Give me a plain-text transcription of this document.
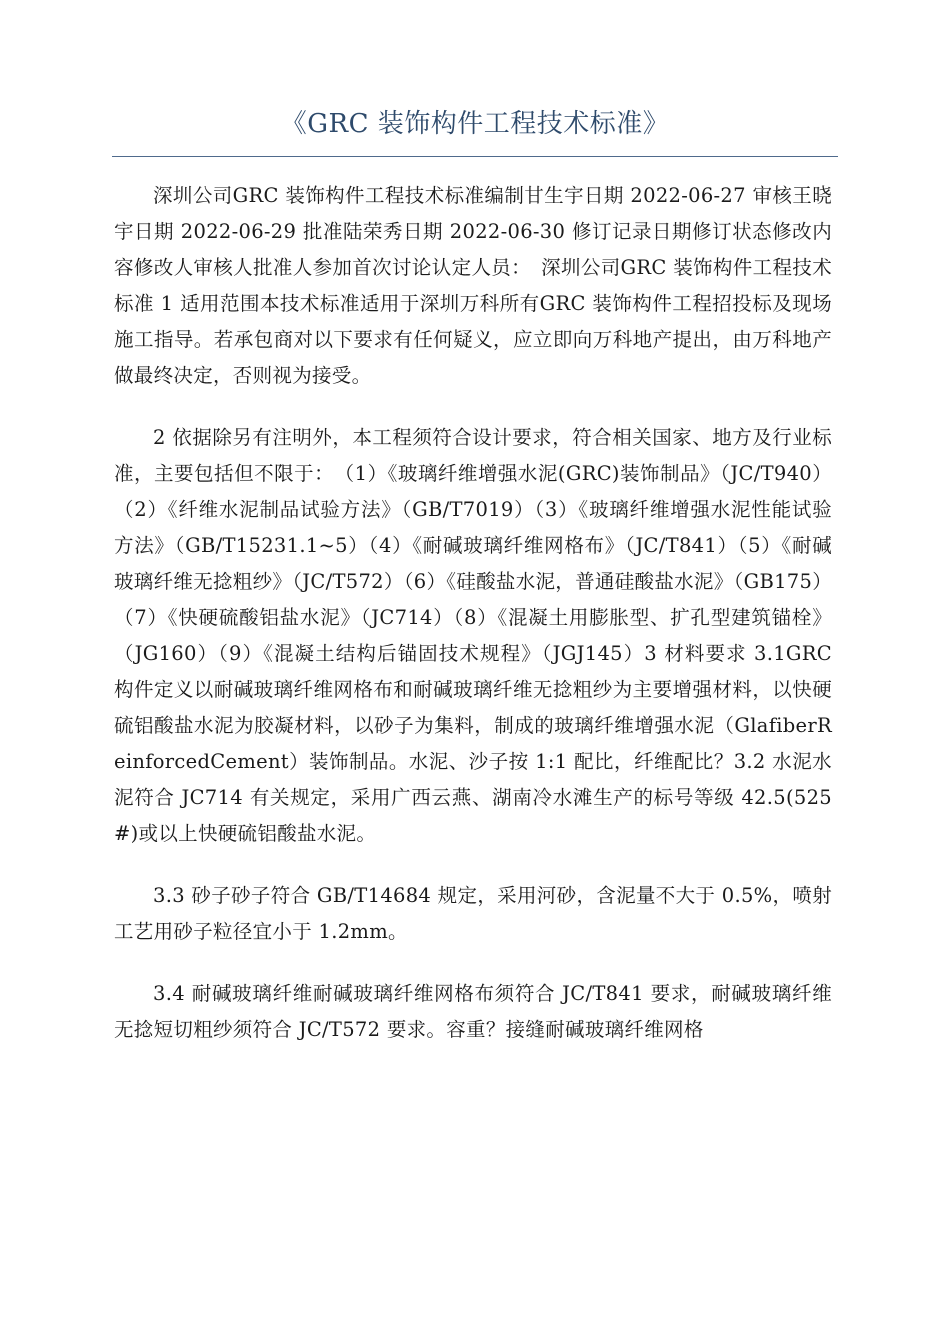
《GRC 装饰构件工程技术标准》

深圳公司GRC 装饰构件工程技术标准编制甘生宇日期 2022-06-27 审核王晓宇日期 2022-06-29 批准陆荣秀日期 2022-06-30 修订记录日期修订状态修改内容修改人审核人批准人参加首次讨论认定人员：　深圳公司GRC 装饰构件工程技术标准 1 适用范围本技术标准适用于深圳万科所有GRC 装饰构件工程招投标及现场施工指导。若承包商对以下要求有任何疑义，应立即向万科地产提出，由万科地产做最终决定，否则视为接受。

2 依据除另有注明外，本工程须符合设计要求，符合相关国家、地方及行业标准，主要包括但不限于：　（1）《玻璃纤维增强水泥(GRC)装饰制品》（JC/T940）（2）《纤维水泥制品试验方法》（GB/T7019）（3）《玻璃纤维增强水泥性能试验方法》（GB/T15231.1~5）（4）《耐碱玻璃纤维网格布》（JC/T841）（5）《耐碱玻璃纤维无捻粗纱》（JC/T572）（6）《硅酸盐水泥，普通硅酸盐水泥》（GB175）（7）《快硬硫酸铝盐水泥》（JC714）（8）《混凝土用膨胀型、扩孔型建筑锚栓》（JG160）（9）《混凝土结构后锚固技术规程》（JGJ145）3 材料要求 3.1GRC 构件定义以耐碱玻璃纤维网格布和耐碱玻璃纤维无捻粗纱为主要增强材料，以快硬硫铝酸盐水泥为胶凝材料，以砂子为集料，制成的玻璃纤维增强水泥（GlafiberReinforcedCement）装饰制品。水泥、沙子按 1:1 配比，纤维配比？3.2 水泥水泥符合 JC714 有关规定，采用广西云燕、湖南冷水滩生产的标号等级 42.5(525#)或以上快硬硫铝酸盐水泥。

3.3 砂子砂子符合 GB/T14684 规定，采用河砂，含泥量不大于 0.5%，喷射工艺用砂子粒径宜小于 1.2mm。

3.4 耐碱玻璃纤维耐碱玻璃纤维网格布须符合 JC/T841 要求，耐碱玻璃纤维无捻短切粗纱须符合 JC/T572 要求。容重？接缝耐碱玻璃纤维网格
